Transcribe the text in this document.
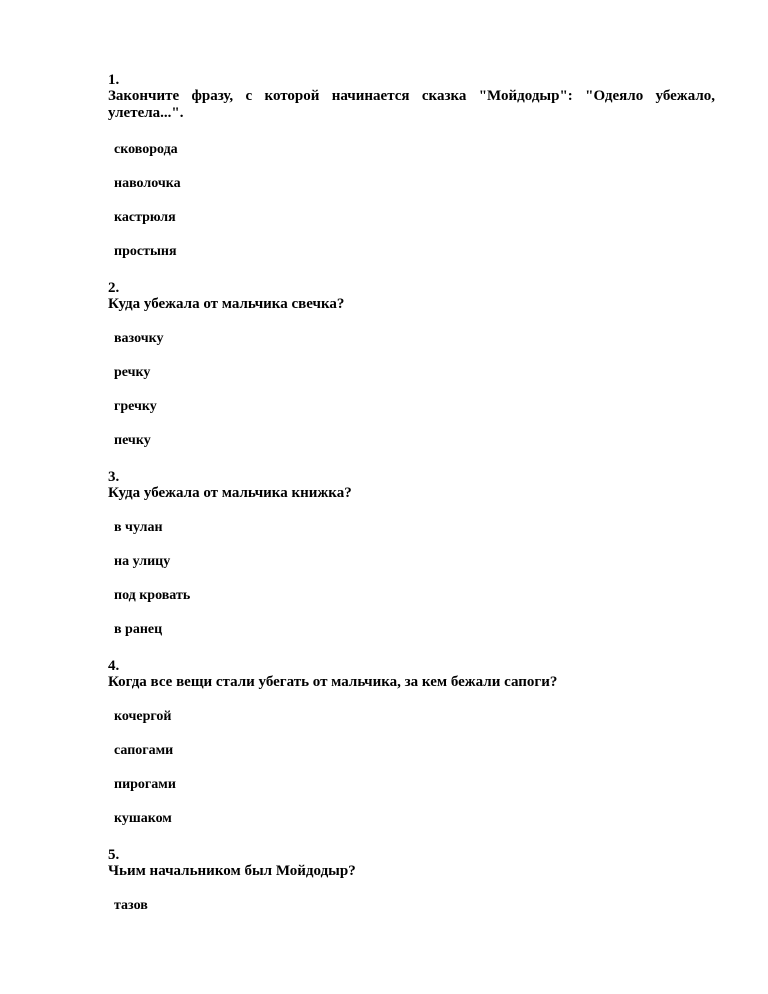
1.
Закончите фразу, с которой начинается сказка "Мойдодыр": "Одеяло убежало, улетела...".
сковорода
наволочка
кастрюля
простыня
2.
Куда убежала от мальчика свечка?
вазочку
речку
гречку
печку
3.
Куда убежала от мальчика книжка?
в чулан
на улицу
под кровать
в ранец
4.
Когда все вещи стали убегать от мальчика, за кем бежали сапоги?
кочергой
сапогами
пирогами
кушаком
5.
Чьим начальником был Мойдодыр?
тазов
